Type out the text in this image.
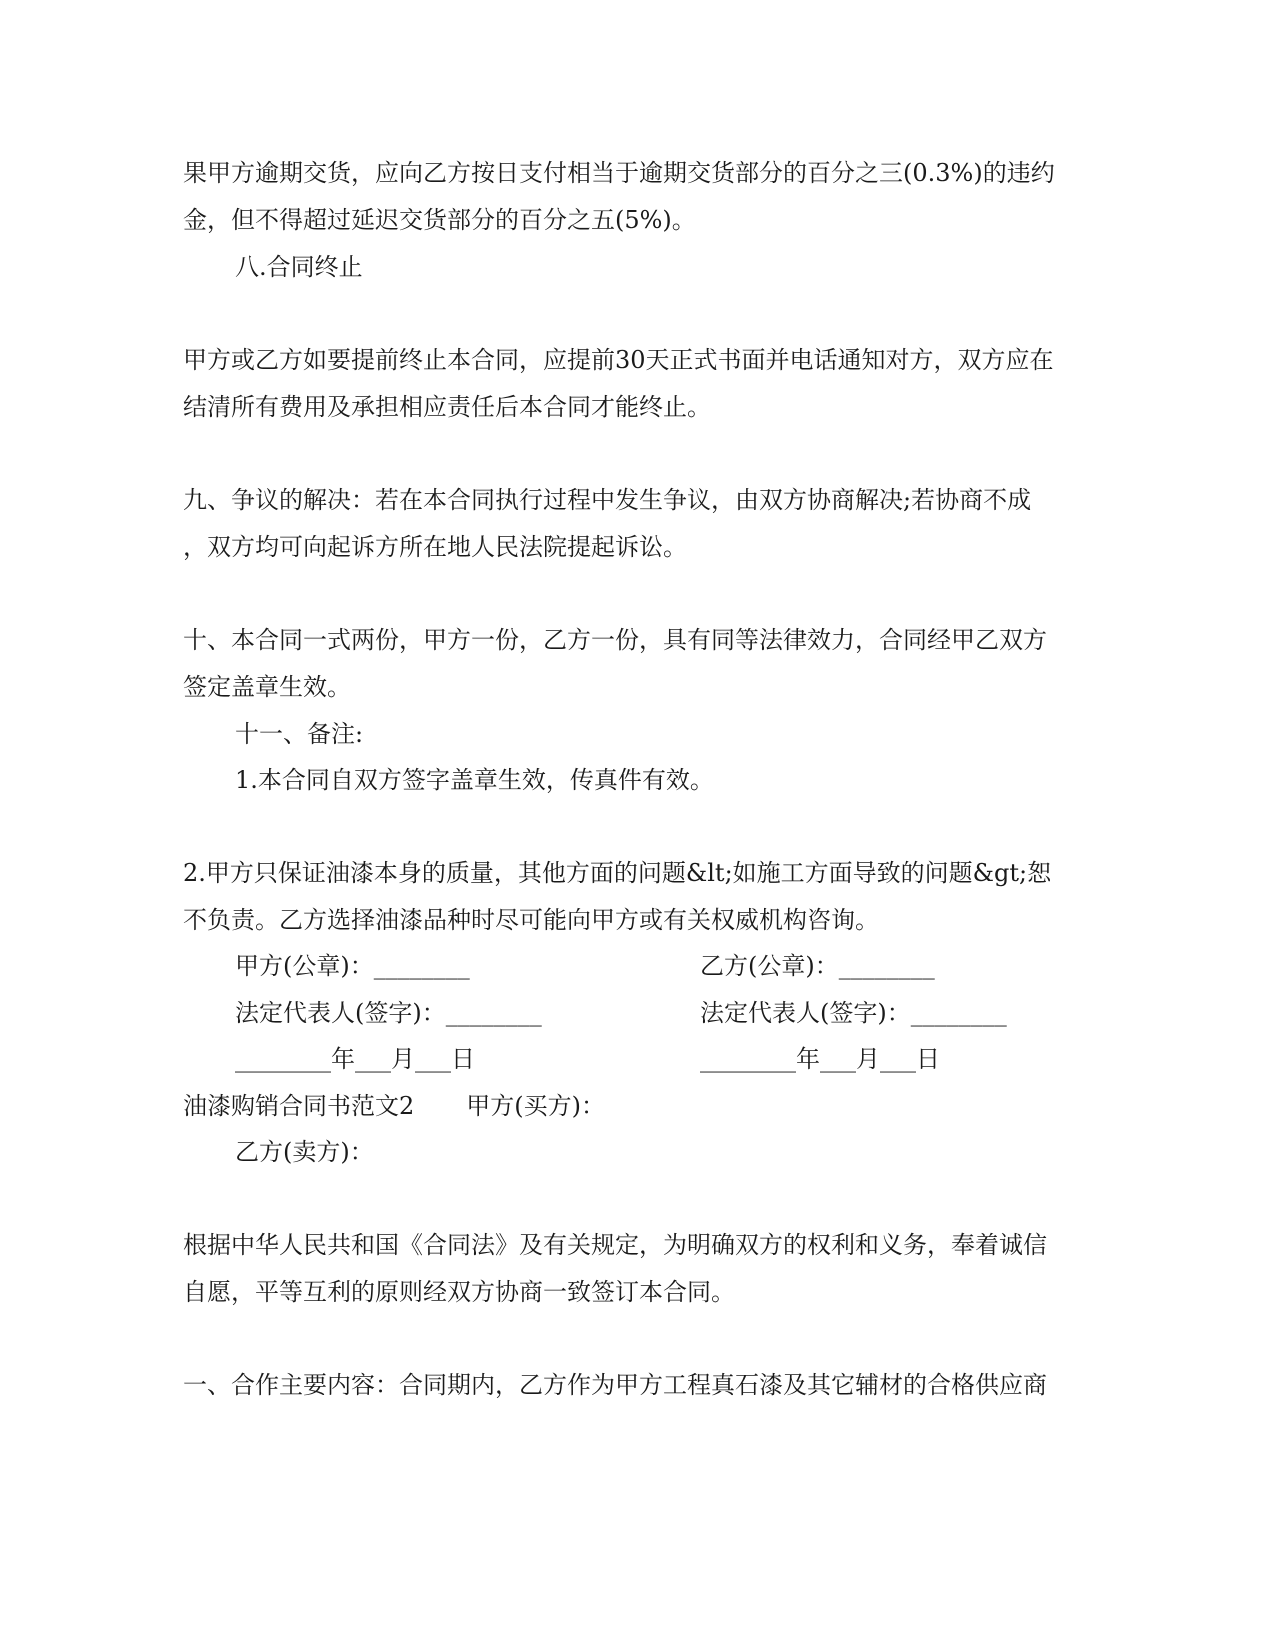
果甲方逾期交货，应向乙方按日支付相当于逾期交货部分的百分之三(0.3%)的违约
金，但不得超过延迟交货部分的百分之五(5%)。
八.合同终止
甲方或乙方如要提前终止本合同，应提前30天正式书面并电话通知对方，双方应在
结清所有费用及承担相应责任后本合同才能终止。
九、争议的解决：若在本合同执行过程中发生争议，由双方协商解决;若协商不成
，双方均可向起诉方所在地人民法院提起诉讼。
十、本合同一式两份，甲方一份，乙方一份，具有同等法律效力，合同经甲乙双方
签定盖章生效。
十一、备注:
1.本合同自双方签字盖章生效，传真件有效。
2.甲方只保证油漆本身的质量，其他方面的问题&lt;如施工方面导致的问题&gt;恕
不负责。乙方选择油漆品种时尽可能向甲方或有关权威机构咨询。
甲方(公章)：________	乙方(公章)：________
法定代表人(签字)：________	法定代表人(签字)：________
________年___月___日	________年___月___日
油漆购销合同书范文2 甲方(买方)：
乙方(卖方)：
根据中华人民共和国《合同法》及有关规定，为明确双方的权利和义务，奉着诚信
自愿，平等互利的原则经双方协商一致签订本合同。
一、合作主要内容：合同期内，乙方作为甲方工程真石漆及其它辅材的合格供应商
